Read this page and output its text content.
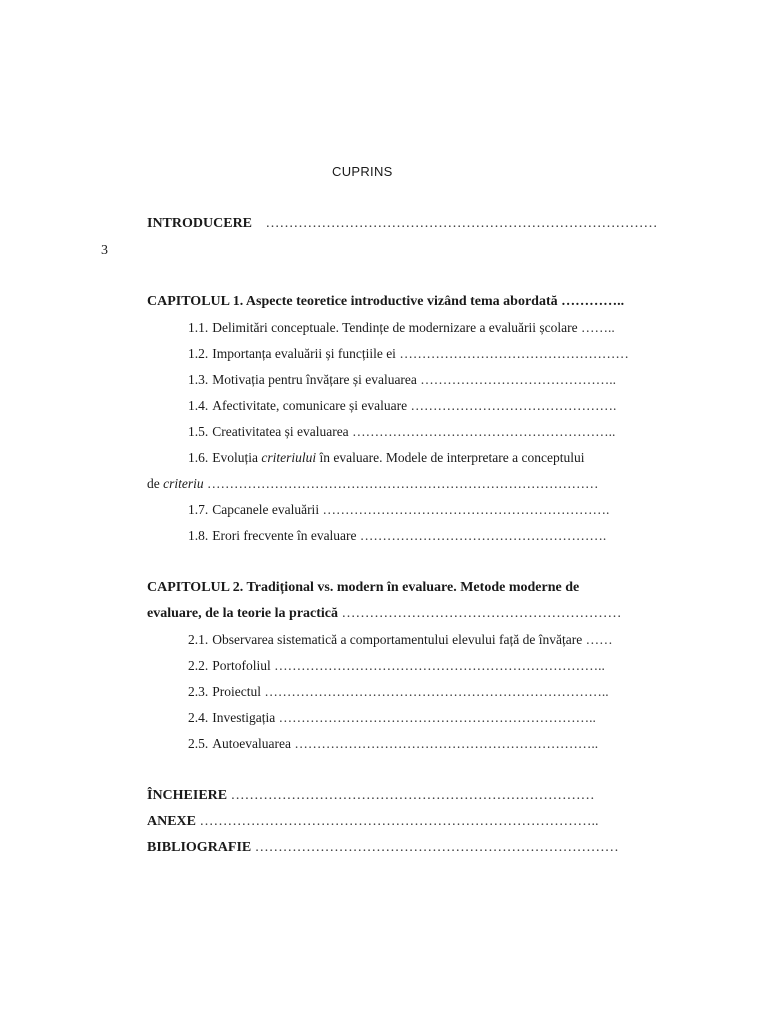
CUPRINS
INTRODUCERE …………………………………………………………………………
3
CAPITOLUL 1. Aspecte teoretice introductive vizând tema abordată …………..
1.1. Delimitări conceptuale. Tendințe de modernizare a evaluării școlare ……..
1.2. Importanța evaluării și funcțiile ei ……………………………………………
1.3. Motivația pentru învățare și evaluarea ……………………………………..
1.4. Afectivitate, comunicare și evaluare ……………………………………….
1.5. Creativitatea și evaluarea …………………………………………………..
1.6. Evoluția criteriului în evaluare. Modele de interpretare a conceptului
de criteriu ……………………………………………………………………………
1.7. Capcanele evaluării ……………………………………………………….
1.8. Erori frecvente în evaluare ……………………………………………….
CAPITOLUL 2. Tradițional vs. modern în evaluare. Metode moderne de
evaluare, de la teorie la practică ……………………………………………………
2.1. Observarea sistematică a comportamentului elevului față de învățare ……
2.2. Portofoliul ………………………………………………………………..
2.3. Proiectul …………………………………………………………………..
2.4. Investigația ……………………………………………………………..
2.5. Autoevaluarea …………………………………………………………..
ÎNCHEIERE ……………………………………………………………………
ANEXE …………………………………………………………………………..
BIBLIOGRAFIE ……………………………………………………………………
